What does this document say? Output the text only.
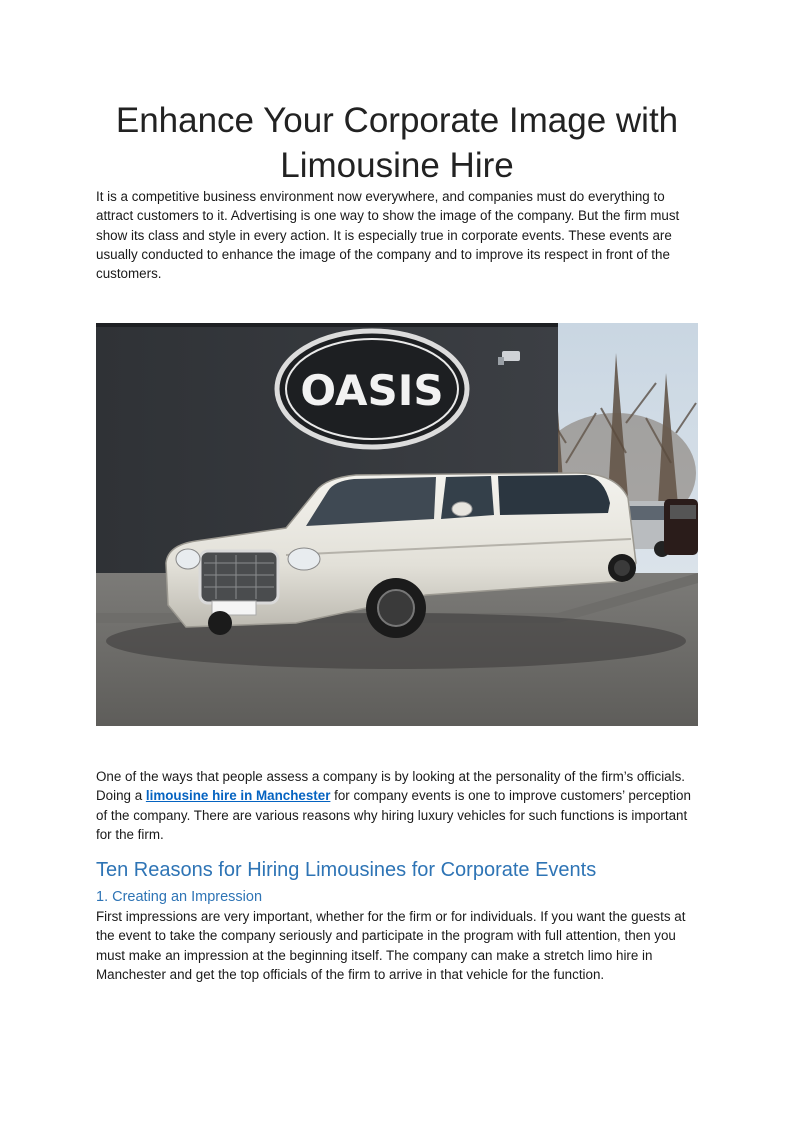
Enhance Your Corporate Image with Limousine Hire

It is a competitive business environment now everywhere, and companies must do everything to attract customers to it. Advertising is one way to show the image of the company. But the firm must show its class and style in every action. It is especially true in corporate events. These events are usually conducted to enhance the image of the company and to improve its respect in front of the customers.

OASIS

One of the ways that people assess a company is by looking at the personality of the firm’s officials. Doing a limousine hire in Manchester for company events is one to improve customers’ perception of the company. There are various reasons why hiring luxury vehicles for such functions is important for the firm.

Ten Reasons for Hiring Limousines for Corporate Events
1. Creating an Impression

First impressions are very important, whether for the firm or for individuals. If you want the guests at the event to take the company seriously and participate in the program with full attention, then you must make an impression at the beginning itself. The company can make a stretch limo hire in Manchester and get the top officials of the firm to arrive in that vehicle for the function.
